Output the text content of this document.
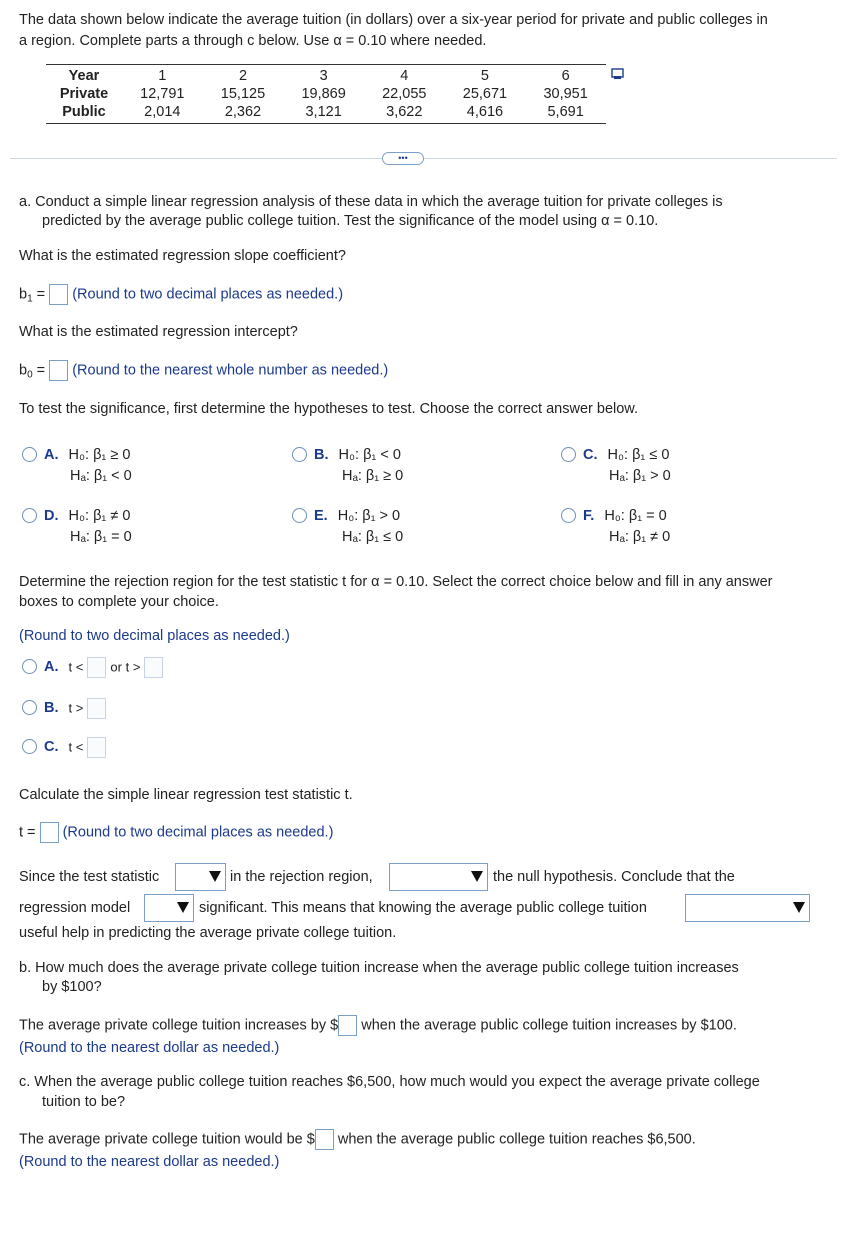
The data shown below indicate the average tuition (in dollars) over a six-year period for private and public colleges in
a region. Complete parts a through c below. Use α = 0.10 where needed.
Year	1	2	3	4	5	6
Private	12,791	15,125	19,869	22,055	25,671	30,951
Public	2,014	2,362	3,121	3,622	4,616	5,691
•••
a. Conduct a simple linear regression analysis of these data in which the average tuition for private colleges is
predicted by the average public college tuition. Test the significance of the model using α = 0.10.
What is the estimated regression slope coefficient?
$b_1$ =  (Round to two decimal places as needed.)
What is the estimated regression intercept?
$b_0$ =  (Round to the nearest whole number as needed.)
To test the significance, first determine the hypotheses to test. Choose the correct answer below.
A. H₀: β₁ ≥ 0
Hₐ: β₁ < 0
B. H₀: β₁ < 0
Hₐ: β₁ ≥ 0
C. H₀: β₁ ≤ 0
Hₐ: β₁ > 0
D. H₀: β₁ ≠ 0
Hₐ: β₁ = 0
E. H₀: β₁ > 0
Hₐ: β₁ ≤ 0
F. H₀: β₁ = 0
Hₐ: β₁ ≠ 0
Determine the rejection region for the test statistic t for α = 0.10. Select the correct choice below and fill in any answer
boxes to complete your choice.
(Round to two decimal places as needed.)
A. t < or t >
B. t >
C. t <
Calculate the simple linear regression test statistic t.
t = (Round to two decimal places as needed.)
Since the test statistic	in the rejection region,	the null hypothesis. Conclude that the
regression model	significant. This means that knowing the average public college tuition
useful help in predicting the average private college tuition.
b. How much does the average private college tuition increase when the average public college tuition increases
by $100?
The average private college tuition increases by $ when the average public college tuition increases by $100.
(Round to the nearest dollar as needed.)
c. When the average public college tuition reaches $6,500, how much would you expect the average private college
tuition to be?
The average private college tuition would be $ when the average public college tuition reaches $6,500.
(Round to the nearest dollar as needed.)
